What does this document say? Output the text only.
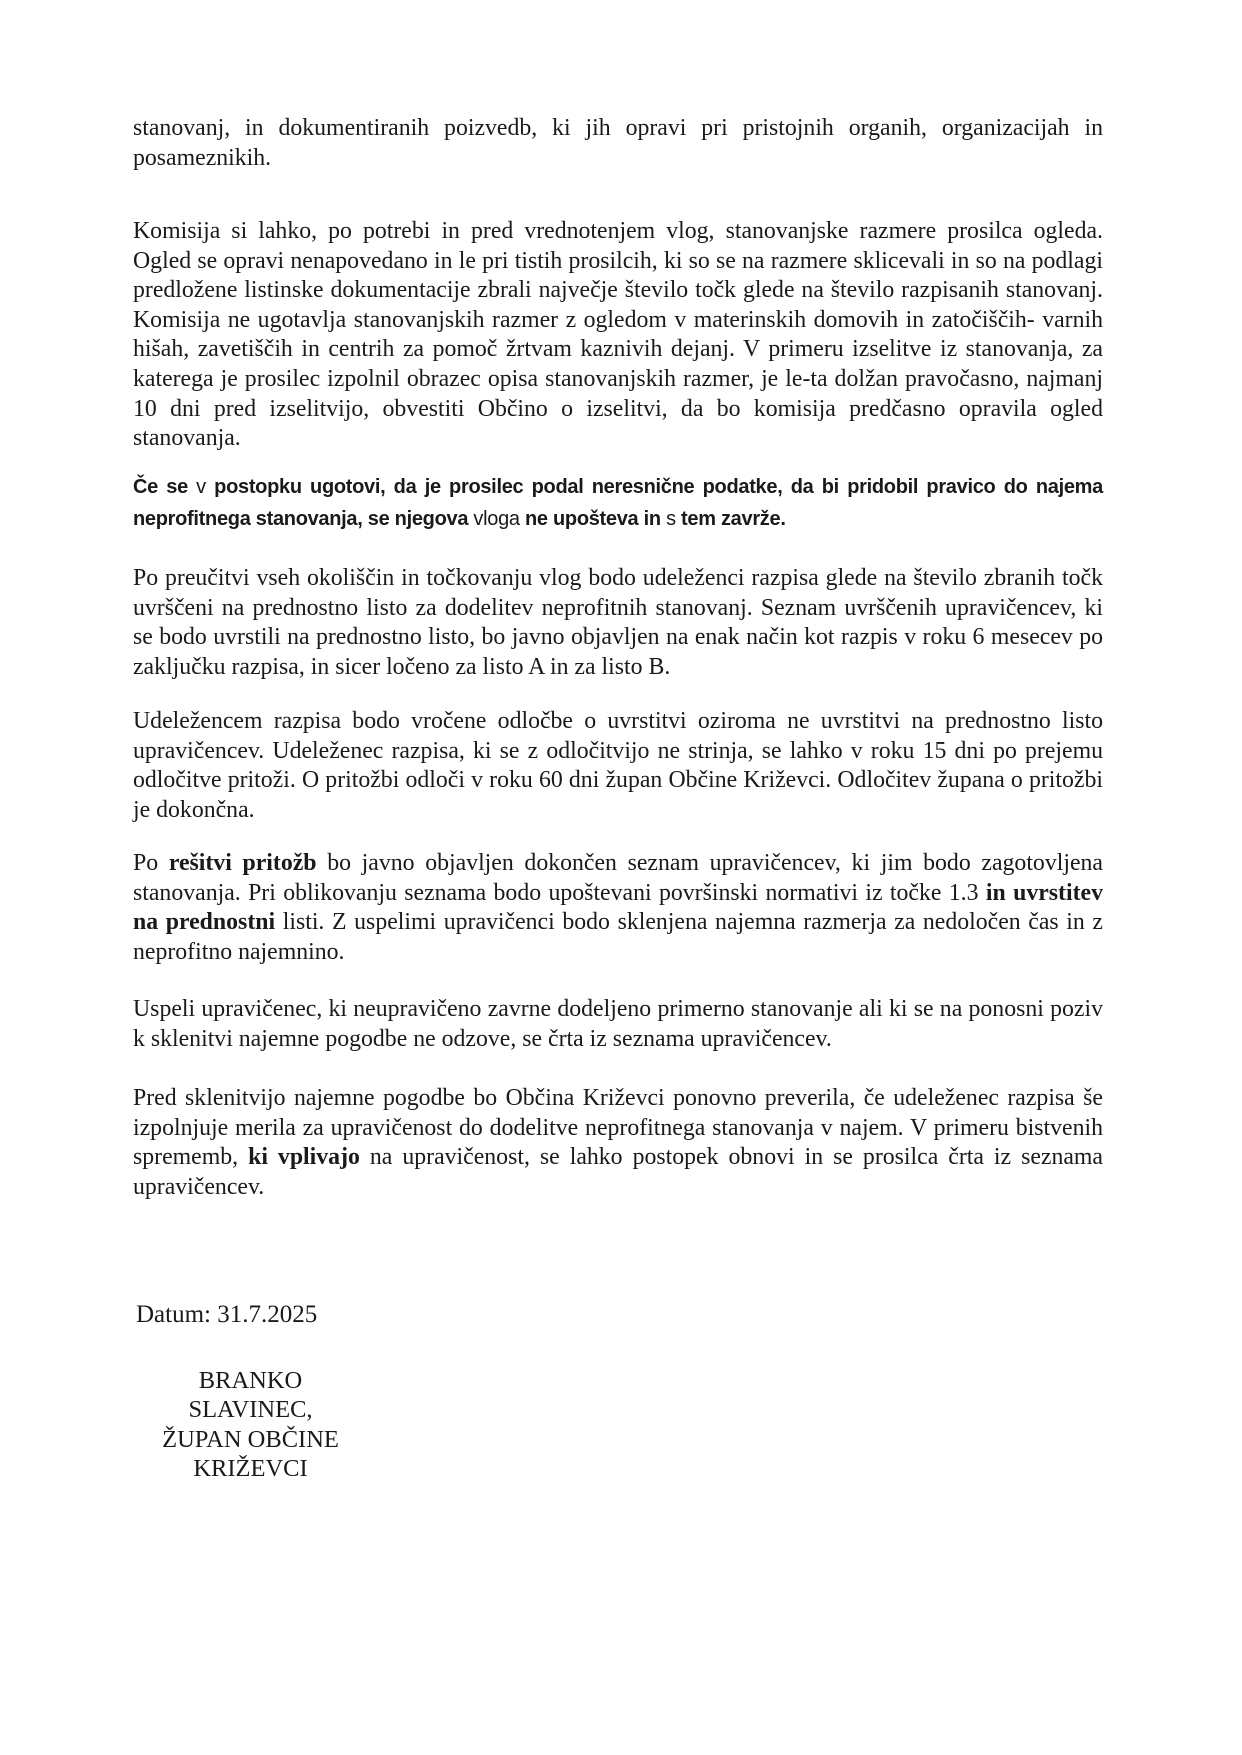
stanovanj, in dokumentiranih poizvedb, ki jih opravi pri pristojnih organih, organizacijah in posameznikih.

Komisija si lahko, po potrebi in pred vrednotenjem vlog, stanovanjske razmere prosilca ogleda. Ogled se opravi nenapovedano in le pri tistih prosilcih, ki so se na razmere sklicevali in so na podlagi predložene listinske dokumentacije zbrali največje število točk glede na število razpisanih stanovanj. Komisija ne ugotavlja stanovanjskih razmer z ogledom v materinskih domovih in zatočiščih- varnih hišah, zavetiščih in centrih za pomoč žrtvam kaznivih dejanj. V primeru izselitve iz stanovanja, za katerega je prosilec izpolnil obrazec opisa stanovanjskih razmer, je le-ta dolžan pravočasno, najmanj 10 dni pred izselitvijo, obvestiti Občino o izselitvi, da bo komisija predčasno opravila ogled stanovanja.

Če se v postopku ugotovi, da je prosilec podal neresnične podatke, da bi pridobil pravico do najema neprofitnega stanovanja, se njegova vloga ne upošteva in s tem zavrže.

Po preučitvi vseh okoliščin in točkovanju vlog bodo udeleženci razpisa glede na število zbranih točk uvrščeni na prednostno listo za dodelitev neprofitnih stanovanj. Seznam uvrščenih upravičencev, ki se bodo uvrstili na prednostno listo, bo javno objavljen na enak način kot razpis v roku 6 mesecev po zaključku razpisa, in sicer ločeno za listo A in za listo B.

Udeležencem razpisa bodo vročene odločbe o uvrstitvi oziroma ne uvrstitvi na prednostno listo upravičencev. Udeleženec razpisa, ki se z odločitvijo ne strinja, se lahko v roku 15 dni po prejemu odločitve pritoži. O pritožbi odloči v roku 60 dni župan Občine Križevci. Odločitev župana o pritožbi je dokončna.

Po rešitvi pritožb bo javno objavljen dokončen seznam upravičencev, ki jim bodo zagotovljena stanovanja. Pri oblikovanju seznama bodo upoštevani površinski normativi iz točke 1.3 in uvrstitev na prednostni listi. Z uspelimi upravičenci bodo sklenjena najemna razmerja za nedoločen čas in z neprofitno najemnino.

Uspeli upravičenec, ki neupravičeno zavrne dodeljeno primerno stanovanje ali ki se na ponosni poziv k sklenitvi najemne pogodbe ne odzove, se črta iz seznama upravičencev.

Pred sklenitvijo najemne pogodbe bo Občina Križevci ponovno preverila, če udeleženec razpisa še izpolnjuje merila za upravičenost do dodelitve neprofitnega stanovanja v najem. V primeru bistvenih sprememb, ki vplivajo na upravičenost, se lahko postopek obnovi in se prosilca črta iz seznama upravičencev.

Datum: 31.7.2025

BRANKO
SLAVINEC,
ŽUPAN OBČINE
KRIŽEVCI
